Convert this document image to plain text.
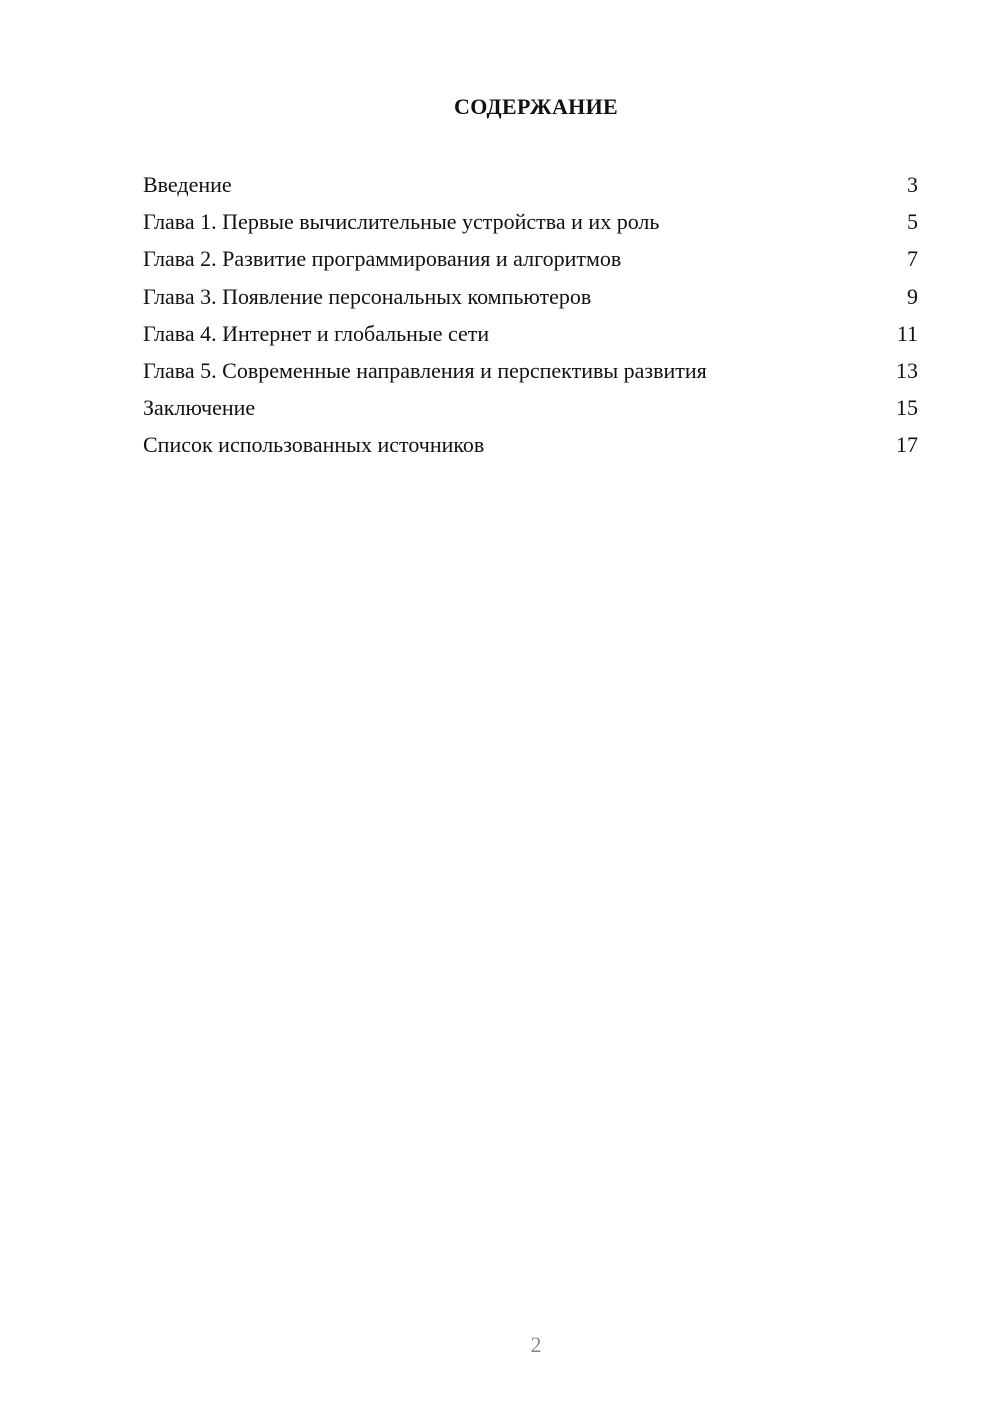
СОДЕРЖАНИЕ
Введение	3
Глава 1. Первые вычислительные устройства и их роль	5
Глава 2. Развитие программирования и алгоритмов	7
Глава 3. Появление персональных компьютеров	9
Глава 4. Интернет и глобальные сети	11
Глава 5. Современные направления и перспективы развития	13
Заключение	15
Список использованных источников	17
2
